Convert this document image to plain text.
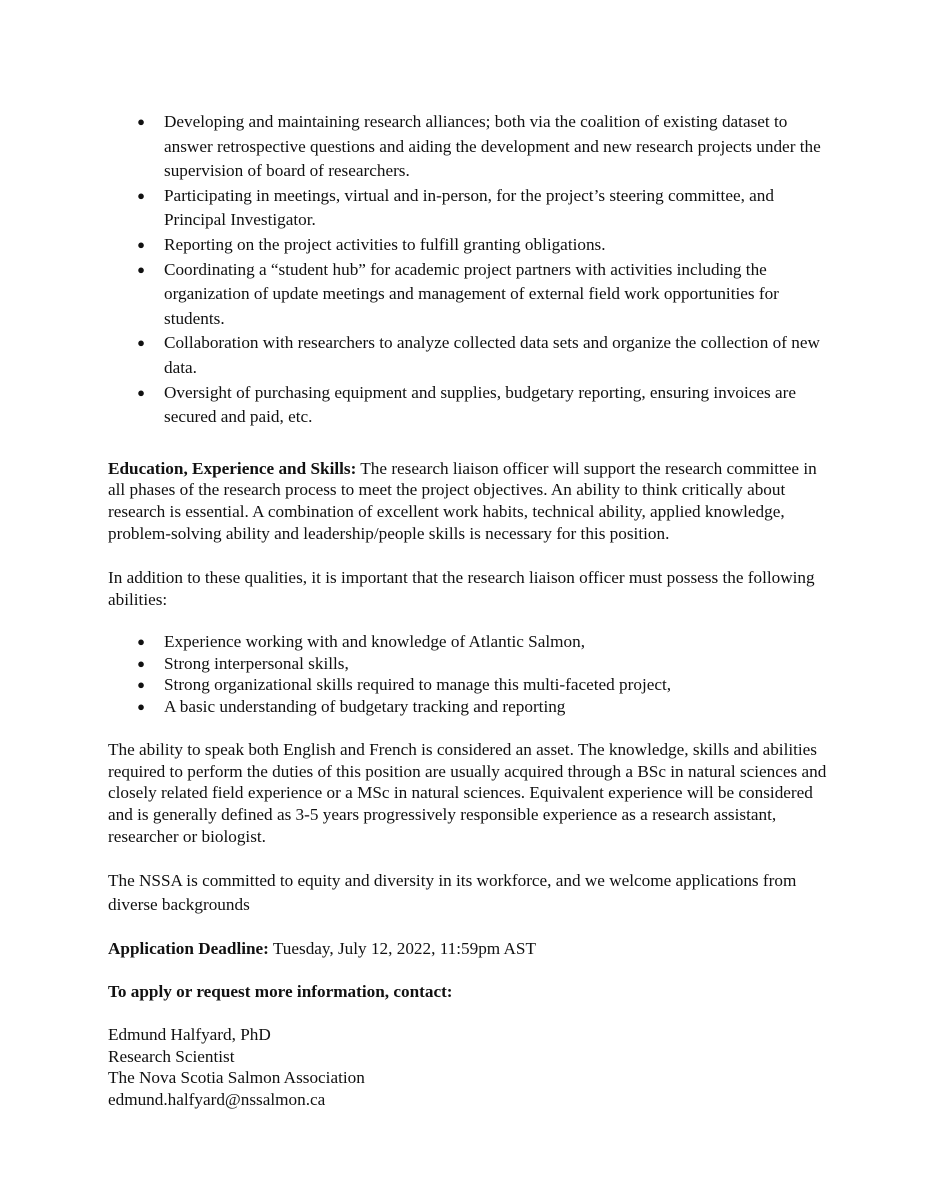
● Developing and maintaining research alliances; both via the coalition of existing dataset to answer retrospective questions and aiding the development and new research projects under the supervision of board of researchers.
● Participating in meetings, virtual and in-person, for the project’s steering committee, and Principal Investigator.
● Reporting on the project activities to fulfill granting obligations.
● Coordinating a “student hub” for academic project partners with activities including the organization of update meetings and management of external field work opportunities for students.
● Collaboration with researchers to analyze collected data sets and organize the collection of new data.
● Oversight of purchasing equipment and supplies, budgetary reporting, ensuring invoices are secured and paid, etc.

Education, Experience and Skills: The research liaison officer will support the research committee in all phases of the research process to meet the project objectives. An ability to think critically about research is essential. A combination of excellent work habits, technical ability, applied knowledge, problem-solving ability and leadership/people skills is necessary for this position.

In addition to these qualities, it is important that the research liaison officer must possess the following abilities:

● Experience working with and knowledge of Atlantic Salmon,
● Strong interpersonal skills,
● Strong organizational skills required to manage this multi-faceted project,
● A basic understanding of budgetary tracking and reporting

The ability to speak both English and French is considered an asset. The knowledge, skills and abilities required to perform the duties of this position are usually acquired through a BSc in natural sciences and closely related field experience or a MSc in natural sciences. Equivalent experience will be considered and is generally defined as 3-5 years progressively responsible experience as a research assistant, researcher or biologist.

The NSSA is committed to equity and diversity in its workforce, and we welcome applications from diverse backgrounds

Application Deadline: Tuesday, July 12, 2022, 11:59pm AST

To apply or request more information, contact:

Edmund Halfyard, PhD
Research Scientist
The Nova Scotia Salmon Association
edmund.halfyard@nssalmon.ca
